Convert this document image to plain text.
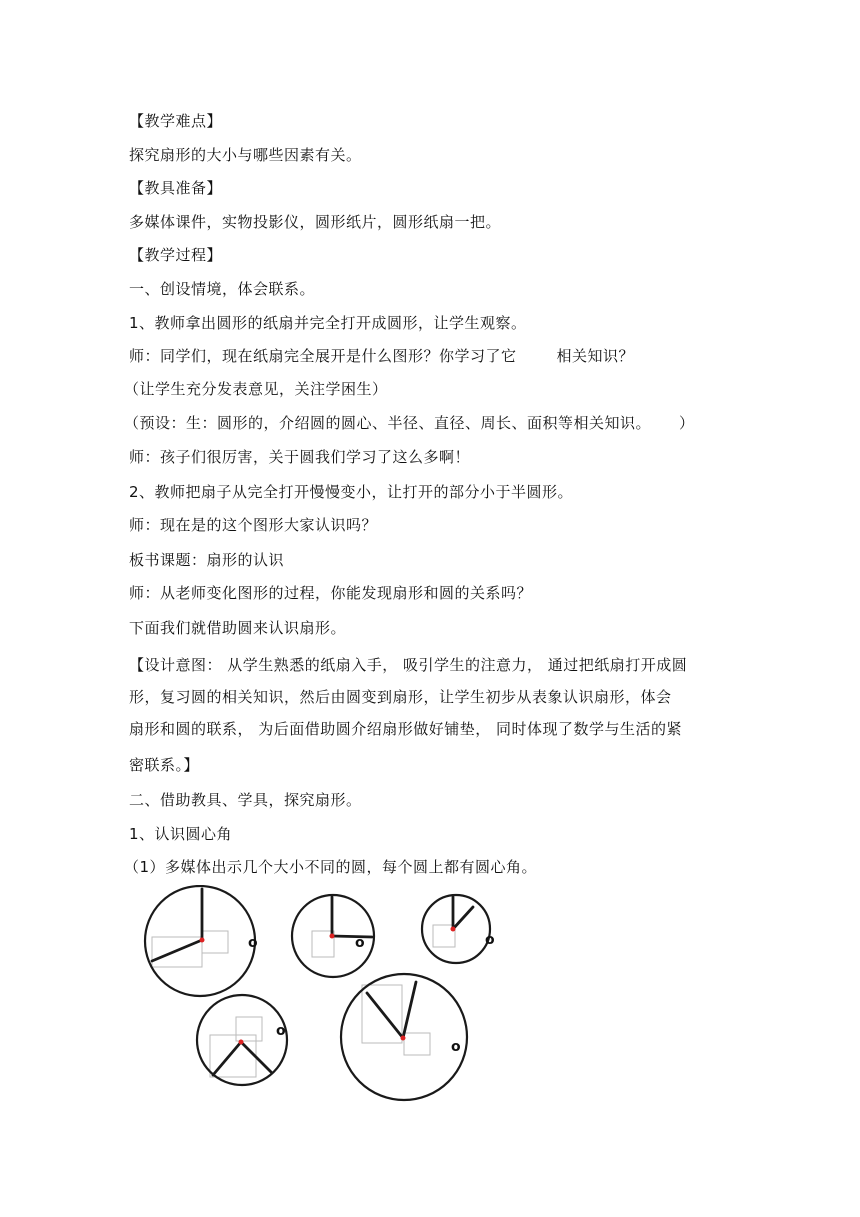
【教学难点】
探究扇形的大小与哪些因素有关。
【教具准备】
多媒体课件，实物投影仪，圆形纸片，圆形纸扇一把。
【教学过程】
一、创设情境，体会联系。
1、教师拿出圆形的纸扇并完全打开成圆形，让学生观察。
师：同学们，现在纸扇完全展开是什么图形？你学习了它	相关知识？
（让学生充分发表意见，关注学困生）
（预设：生：圆形的，介绍圆的圆心、半径、直径、周长、面积等相关知识。 ）
师：孩子们很厉害，关于圆我们学习了这么多啊！
2、教师把扇子从完全打开慢慢变小，让打开的部分小于半圆形。
师：现在是的这个图形大家认识吗？
板书课题：扇形的认识
师：从老师变化图形的过程，你能发现扇形和圆的关系吗？
下面我们就借助圆来认识扇形。
【设计意图： 从学生熟悉的纸扇入手， 吸引学生的注意力， 通过把纸扇打开成圆
形，复习圆的相关知识，然后由圆变到扇形，让学生初步从表象认识扇形，体会
扇形和圆的联系， 为后面借助圆介绍扇形做好铺垫， 同时体现了数学与生活的紧
密联系。】
二、借助教具、学具，探究扇形。
1、认识圆心角
（1）多媒体出示几个大小不同的圆，每个圆上都有圆心角。
o	o	o
o
o
